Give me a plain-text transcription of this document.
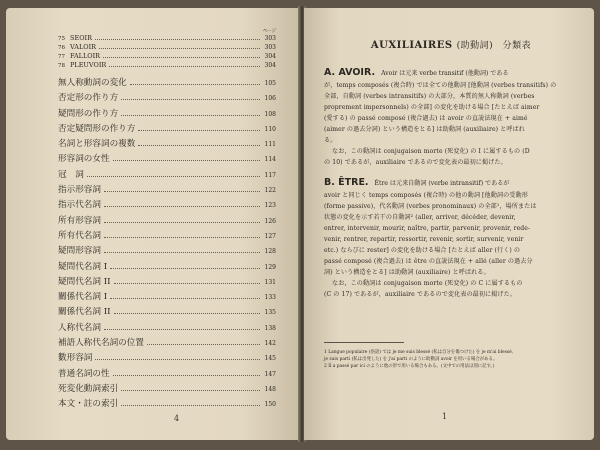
ページ
75 SEOIR	303
76 VALOIR	303
77 FALLOIR	304
78 PLEUVOIR	304
無人称動詞の変化	105
否定形の作り方	106
疑問形の作り方	108
否定疑問形の作り方	110
名詞と形容詞の複数	111
形容詞の女性	114
冠　詞	117
指示形容詞	122
指示代名詞	123
所有形容詞	126
所有代名詞	127
疑問形容詞	128
疑問代名詞 I	129
疑問代名詞 II	131
關係代名詞 I	133
關係代名詞 II	135
人称代名詞	138
補語人称代名詞の位置	142
數形容詞	145
普通名詞の性	147
死変化動詞索引	148
本文・註の索引	150
4
AUXILIAIRES (助動詞)　分類表
A. AVOIR. Avoir は元来 verbe transitif (他動詞) である
が，temps composés (複合時) では全ての他動詞 [他動詞 (verbes transitifs) の
全部，自動詞 (verbes intransitifs) の大部分，本質的無人称動詞 (verbes
proprement impersonnels) の全部] の変化を助ける場合 [たとえば aimer
(愛する) の passé composé (複合過去) は avoir の直説法現在 + aimé
(aimer の過去分詞) という構造をとる] は助動詞 (auxiliaire) と呼ばれ
る。
なお，この動詞は conjugaison morte (死変化) の I に属するもの (D
の 10) であるが，auxiliaire であるので変化表の最初に掲げた。
B. ÊTRE. Être は元来自動詞 (verbe intransitif) であるが
avoir と同じく temps composés (複合時) の他の動詞 [他動詞の受動形
(forme passive)，代名動詞 (verbes pronominaux) の全部¹，場所または
状態の変化を示す若干の自動詞² (aller, arriver, décéder, devenir,
entrer, intervenir, mourir, naître, partir, parvenir, provenir, rede-
venir, rentrer, repartir, ressortir, revenir, sortir, survenir, venir
etc.) ならびに rester] の変化を助ける場合 [たとえば aller (行く) の
passé composé (複合過去) は être の直説法現在 + allé (aller の過去分
詞) という構造をとる] は助動詞 (auxiliaire) と呼ばれる。
なお，この動詞は conjugaison morte (死変化) の C に属するもの
(C の 17) であるが，auxiliaire であるので変化表の最初に掲げた。
1 Langue populaire (俗語) では je me suis blessé (私は自分を傷つけた) を je m'ai blessé,
je suis parti (私は出発した) を j'ai parti のように助動詞 avoir を用いる場合がある。
2 Il a passé par ici のように他の形で用いる場合もある。(文中での用法は別に記す。)
1
